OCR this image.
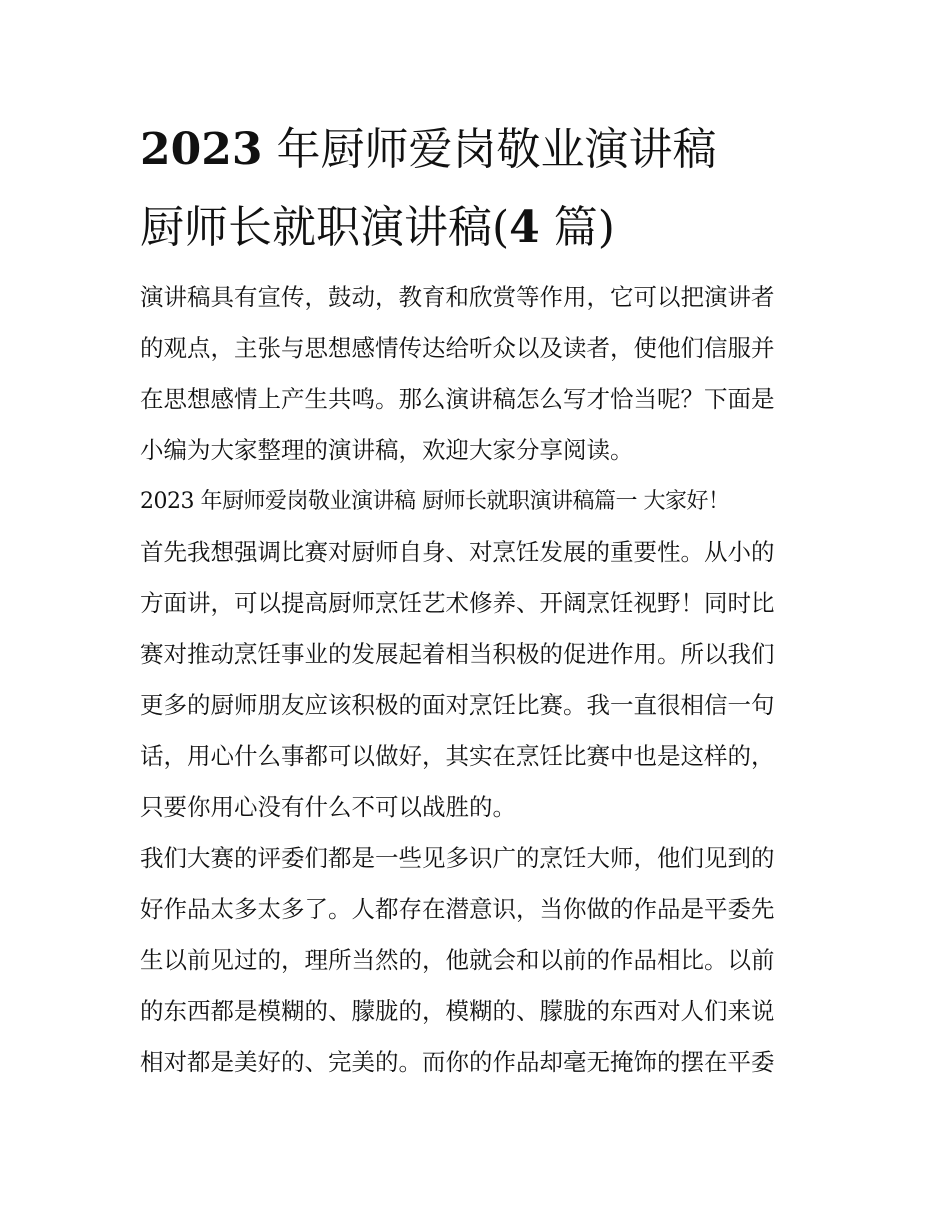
2023 年厨师爱岗敬业演讲稿
厨师长就职演讲稿(4 篇)
演讲稿具有宣传，鼓动，教育和欣赏等作用，它可以把演讲者
的观点，主张与思想感情传达给听众以及读者，使他们信服并
在思想感情上产生共鸣。那么演讲稿怎么写才恰当呢？下面是
小编为大家整理的演讲稿，欢迎大家分享阅读。
2023 年厨师爱岗敬业演讲稿 厨师长就职演讲稿篇一 大家好！
首先我想强调比赛对厨师自身、对烹饪发展的重要性。从小的
方面讲，可以提高厨师烹饪艺术修养、开阔烹饪视野！同时比
赛对推动烹饪事业的发展起着相当积极的促进作用。所以我们
更多的厨师朋友应该积极的面对烹饪比赛。我一直很相信一句
话，用心什么事都可以做好，其实在烹饪比赛中也是这样的，
只要你用心没有什么不可以战胜的。
我们大赛的评委们都是一些见多识广的烹饪大师，他们见到的
好作品太多太多了。人都存在潜意识，当你做的作品是平委先
生以前见过的，理所当然的，他就会和以前的作品相比。以前
的东西都是模糊的、朦胧的，模糊的、朦胧的东西对人们来说
相对都是美好的、完美的。而你的作品却毫无掩饰的摆在平委
